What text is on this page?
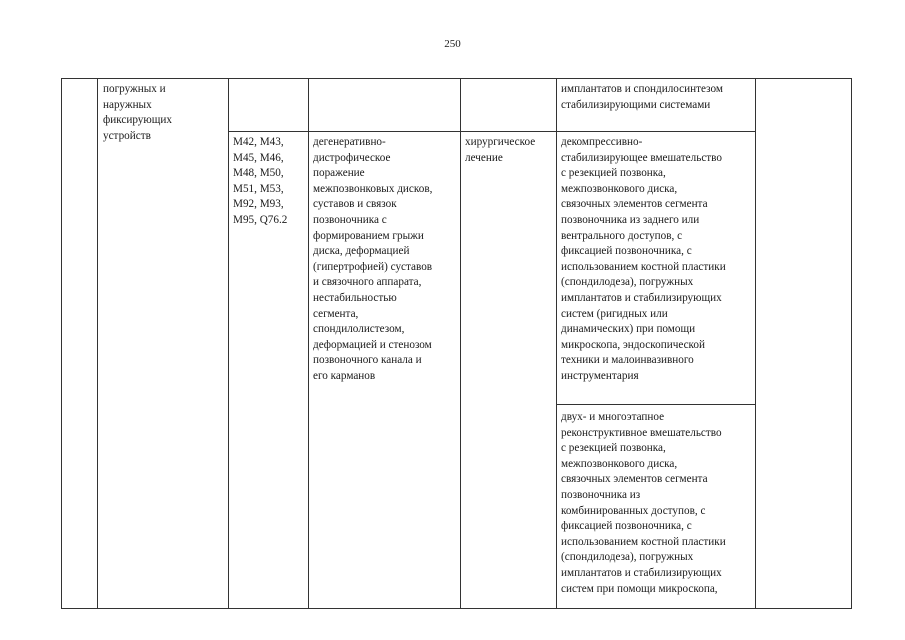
250
погружных и
наружных
фиксирующих
устройств
имплантатов и спондилосинтезом
стабилизирующими системами
M42, M43,
M45, M46,
M48, M50,
M51, M53,
M92, M93,
M95, Q76.2
дегенеративно-
дистрофическое
поражение
межпозвонковых дисков,
суставов и связок
позвоночника с
формированием грыжи
диска, деформацией
(гипертрофией) суставов
и связочного аппарата,
нестабильностью
сегмента,
спондилолистезом,
деформацией и стенозом
позвоночного канала и
его карманов
хирургическое
лечение
декомпрессивно-
стабилизирующее вмешательство
с резекцией позвонка,
межпозвонкового диска,
связочных элементов сегмента
позвоночника из заднего или
вентрального доступов, с
фиксацией позвоночника, с
использованием костной пластики
(спондилодеза), погружных
имплантатов и стабилизирующих
систем (ригидных или
динамических) при помощи
микроскопа, эндоскопической
техники и малоинвазивного
инструментария
двух- и многоэтапное
реконструктивное вмешательство
с резекцией позвонка,
межпозвонкового диска,
связочных элементов сегмента
позвоночника из
комбинированных доступов, с
фиксацией позвоночника, с
использованием костной пластики
(спондилодеза), погружных
имплантатов и стабилизирующих
систем при помощи микроскопа,
